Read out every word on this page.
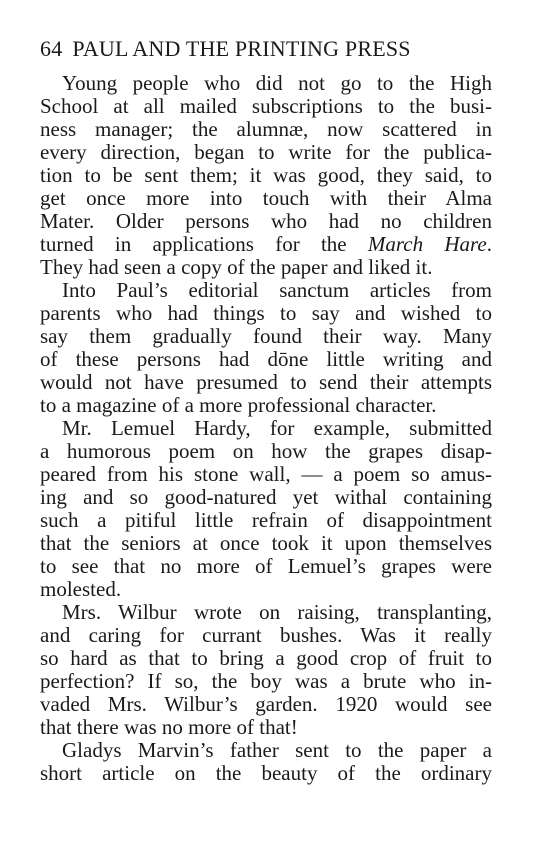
64 PAUL AND THE PRINTING PRESS
Young people who did not go to the High
School at all mailed subscriptions to the busi-
ness manager; the alumnæ, now scattered in
every direction, began to write for the publica-
tion to be sent them; it was good, they said, to
get once more into touch with their Alma
Mater. Older persons who had no children
turned in applications for the March Hare.
They had seen a copy of the paper and liked it.
Into Paul’s editorial sanctum articles from
parents who had things to say and wished to
say them gradually found their way. Many
of these persons had dōne little writing and
would not have presumed to send their attempts
to a magazine of a more professional character.
Mr. Lemuel Hardy, for example, submitted
a humorous poem on how the grapes disap-
peared from his stone wall, — a poem so amus-
ing and so good-natured yet withal containing
such a pitiful little refrain of disappointment
that the seniors at once took it upon themselves
to see that no more of Lemuel’s grapes were
molested.
Mrs. Wilbur wrote on raising, transplanting,
and caring for currant bushes. Was it really
so hard as that to bring a good crop of fruit to
perfection? If so, the boy was a brute who in-
vaded Mrs. Wilbur’s garden. 1920 would see
that there was no more of that!
Gladys Marvin’s father sent to the paper a
short article on the beauty of the ordinary
